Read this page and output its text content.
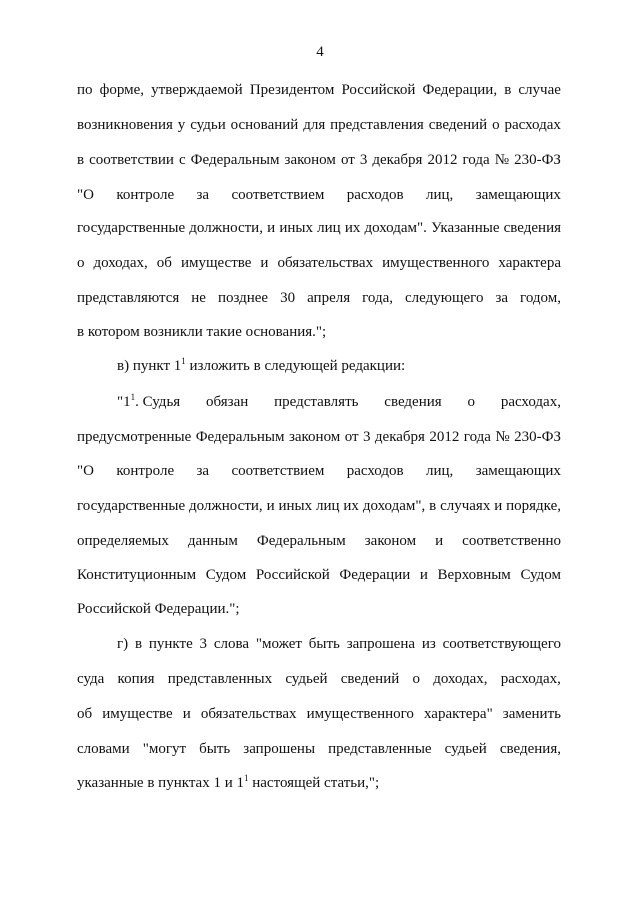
4
по форме, утверждаемой Президентом Российской Федерации, в случае
возникновения у судьи оснований для представления сведений о расходах
в соответствии с Федеральным законом от 3 декабря 2012 года № 230-ФЗ
"О контроле за соответствием расходов лиц, замещающих
государственные должности, и иных лиц их доходам". Указанные сведения
о доходах, об имуществе и обязательствах имущественного характера
представляются не позднее 30 апреля года, следующего за годом,
в котором возникли такие основания.";
в) пункт $1^1$ изложить в следующей редакции:
"$1^1$. Судья обязан представлять сведения о расходах,
предусмотренные Федеральным законом от 3 декабря 2012 года № 230-ФЗ
"О контроле за соответствием расходов лиц, замещающих
государственные должности, и иных лиц их доходам", в случаях и порядке,
определяемых данным Федеральным законом и соответственно
Конституционным Судом Российской Федерации и Верховным Судом
Российской Федерации.";
г) в пункте 3 слова "может быть запрошена из соответствующего
суда копия представленных судьей сведений о доходах, расходах,
об имуществе и обязательствах имущественного характера" заменить
словами "могут быть запрошены представленные судьей сведения,
указанные в пунктах 1 и $1^1$ настоящей статьи,";
